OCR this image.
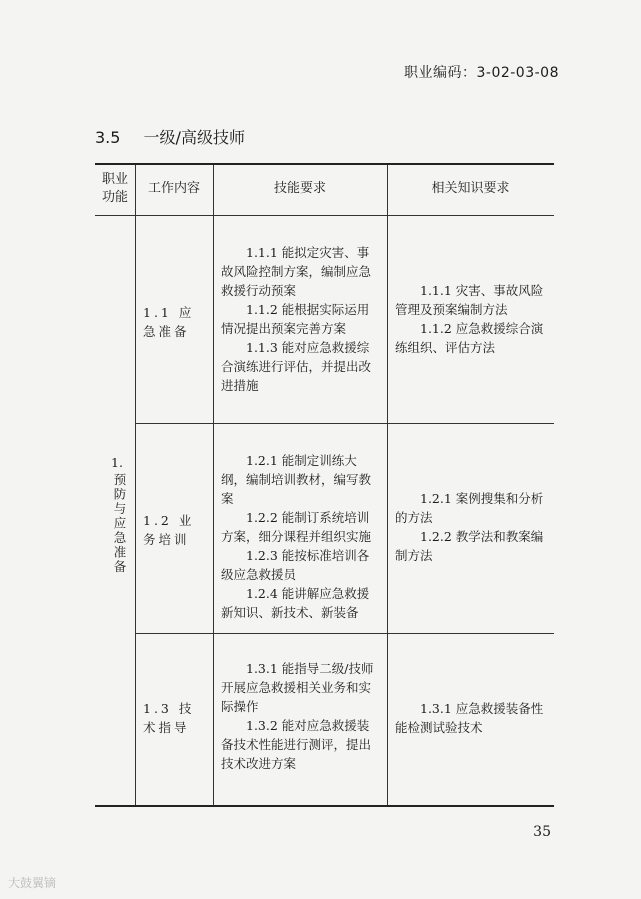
职业编码：3-02-03-08
3.5 一级/高级技师
职业
功能
工作内容	技能要求	相关知识要求
1.
预防与应急准备
1.1 应急准备

1.1.1 能拟定灾害、事故风险控制方案，编制应急救援行动预案

1.1.2 能根据实际运用情况提出预案完善方案

1.1.3 能对应急救援综合演练进行评估，并提出改进措施

1.1.1 灾害、事故风险管理及预案编制方法

1.1.2 应急救援综合演练组织、评估方法

1.2 业务培训

1.2.1 能制定训练大纲，编制培训教材，编写教案

1.2.2 能制订系统培训方案，细分课程并组织实施

1.2.3 能按标准培训各级应急救援员

1.2.4 能讲解应急救援新知识、新技术、新装备

1.2.1 案例搜集和分析的方法

1.2.2 教学法和教案编制方法

1.3 技术指导

1.3.1 能指导二级/技师开展应急救援相关业务和实际操作

1.3.2 能对应急救援装备技术性能进行测评，提出技术改进方案

1.3.1 应急救援装备性能检测试验技术

35
大鼓翼镝
